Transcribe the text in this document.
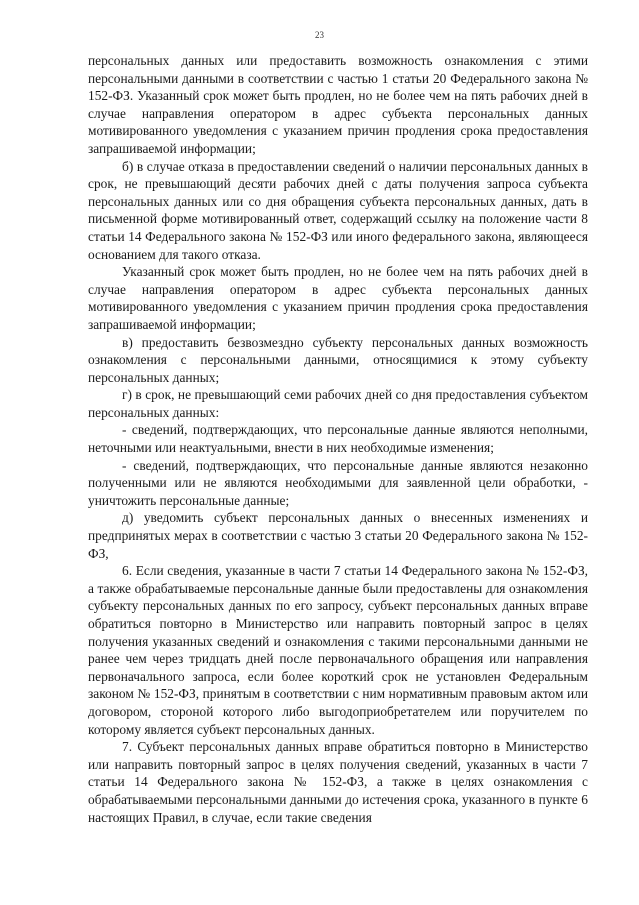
23

персональных данных или предоставить возможность ознакомления с этими персональными данными в соответствии с частью 1 статьи 20 Федерального закона № 152-ФЗ. Указанный срок может быть продлен, но не более чем на пять рабочих дней в случае направления оператором в адрес субъекта персональных данных мотивированного уведомления с указанием причин продления срока предоставления запрашиваемой информации;

б) в случае отказа в предоставлении сведений о наличии персональных данных в срок, не превышающий десяти рабочих дней с даты получения запроса субъекта персональных данных или со дня обращения субъекта персональных данных, дать в письменной форме мотивированный ответ, содержащий ссылку на положение части 8 статьи 14 Федерального закона № 152-ФЗ или иного федерального закона, являющееся основанием для такого отказа.

Указанный срок может быть продлен, но не более чем на пять рабочих дней в случае направления оператором в адрес субъекта персональных данных мотивированного уведомления с указанием причин продления срока предоставления запрашиваемой информации;

в) предоставить безвозмездно субъекту персональных данных возможность ознакомления с персональными данными, относящимися к этому субъекту персональных данных;

г) в срок, не превышающий семи рабочих дней со дня предоставления субъектом персональных данных:

- сведений, подтверждающих, что персональные данные являются неполными, неточными или неактуальными, внести в них необходимые изменения;

- сведений, подтверждающих, что персональные данные являются незаконно полученными или не являются необходимыми для заявленной цели обработки, - уничтожить персональные данные;

д) уведомить субъект персональных данных о внесенных изменениях и предпринятых мерах в соответствии с частью 3 статьи 20 Федерального закона № 152-ФЗ,

6. Если сведения, указанные в части 7 статьи 14 Федерального закона № 152-ФЗ, а также обрабатываемые персональные данные были предоставлены для ознакомления субъекту персональных данных по его запросу, субъект персональных данных вправе обратиться повторно в Министерство или направить повторный запрос в целях получения указанных сведений и ознакомления с такими персональными данными не ранее чем через тридцать дней после первоначального обращения или направления первоначального запроса, если более короткий срок не установлен Федеральным законом № 152-ФЗ, принятым в соответствии с ним нормативным правовым актом или договором, стороной которого либо выгодоприобретателем или поручителем по которому является субъект персональных данных.

7. Субъект персональных данных вправе обратиться повторно в Министерство или направить повторный запрос в целях получения сведений, указанных в части 7 статьи 14 Федерального закона № 152-ФЗ, а также в целях ознакомления с обрабатываемыми персональными данными до истечения срока, указанного в пункте 6 настоящих Правил, в случае, если такие сведения
